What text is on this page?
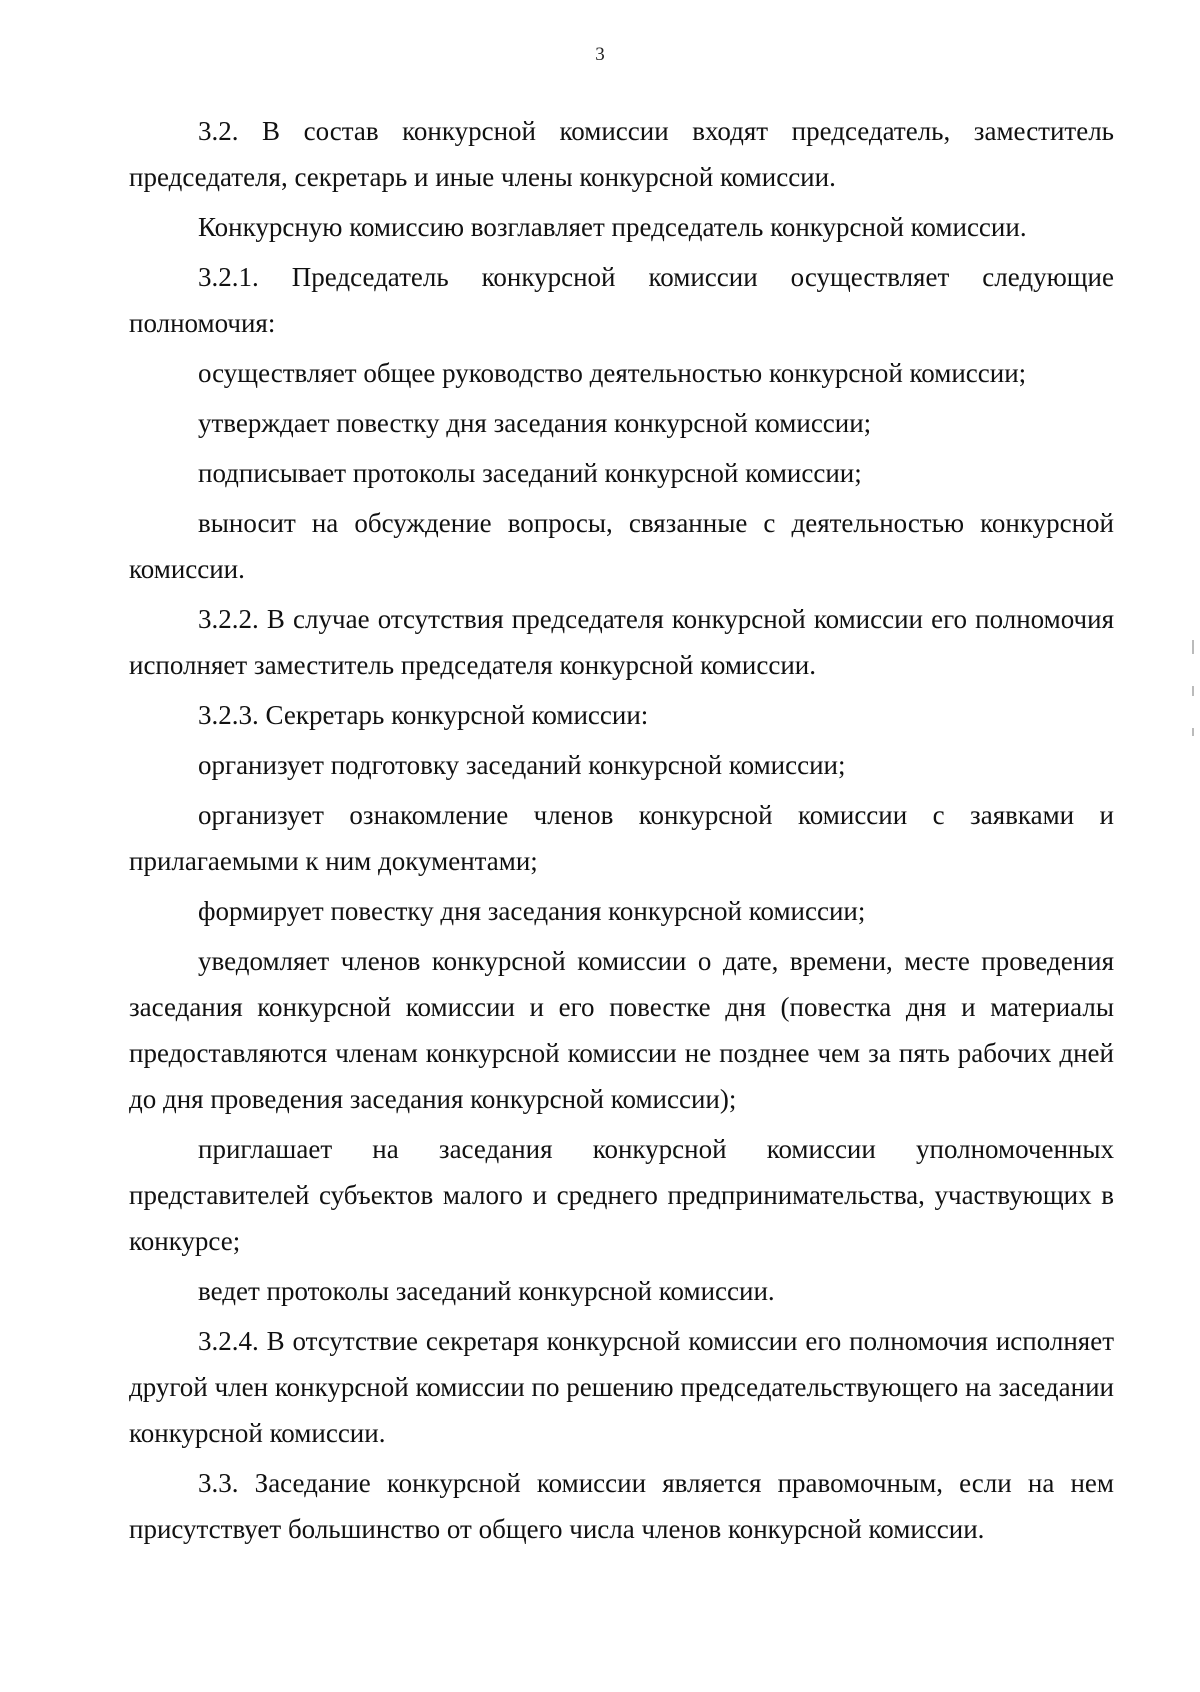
3

3.2. В состав конкурсной комиссии входят председатель, заместитель председателя, секретарь и иные члены конкурсной комиссии.

Конкурсную комиссию возглавляет председатель конкурсной комиссии.

3.2.1. Председатель конкурсной комиссии осуществляет следующие полномочия:

осуществляет общее руководство деятельностью конкурсной комиссии;

утверждает повестку дня заседания конкурсной комиссии;

подписывает протоколы заседаний конкурсной комиссии;

выносит на обсуждение вопросы, связанные с деятельностью конкурсной комиссии.

3.2.2. В случае отсутствия председателя конкурсной комиссии его полномочия исполняет заместитель председателя конкурсной комиссии.

3.2.3. Секретарь конкурсной комиссии:

организует подготовку заседаний конкурсной комиссии;

организует ознакомление членов конкурсной комиссии с заявками и прилагаемыми к ним документами;

формирует повестку дня заседания конкурсной комиссии;

уведомляет членов конкурсной комиссии о дате, времени, месте проведения заседания конкурсной комиссии и его повестке дня (повестка дня и материалы предоставляются членам конкурсной комиссии не позднее чем за пять рабочих дней до дня проведения заседания конкурсной комиссии);

приглашает на заседания конкурсной комиссии уполномоченных представителей субъектов малого и среднего предпринимательства, участвующих в конкурсе;

ведет протоколы заседаний конкурсной комиссии.

3.2.4. В отсутствие секретаря конкурсной комиссии его полномочия исполняет другой член конкурсной комиссии по решению председательствующего на заседании конкурсной комиссии.

3.3. Заседание конкурсной комиссии является правомочным, если на нем присутствует большинство от общего числа членов конкурсной комиссии.
